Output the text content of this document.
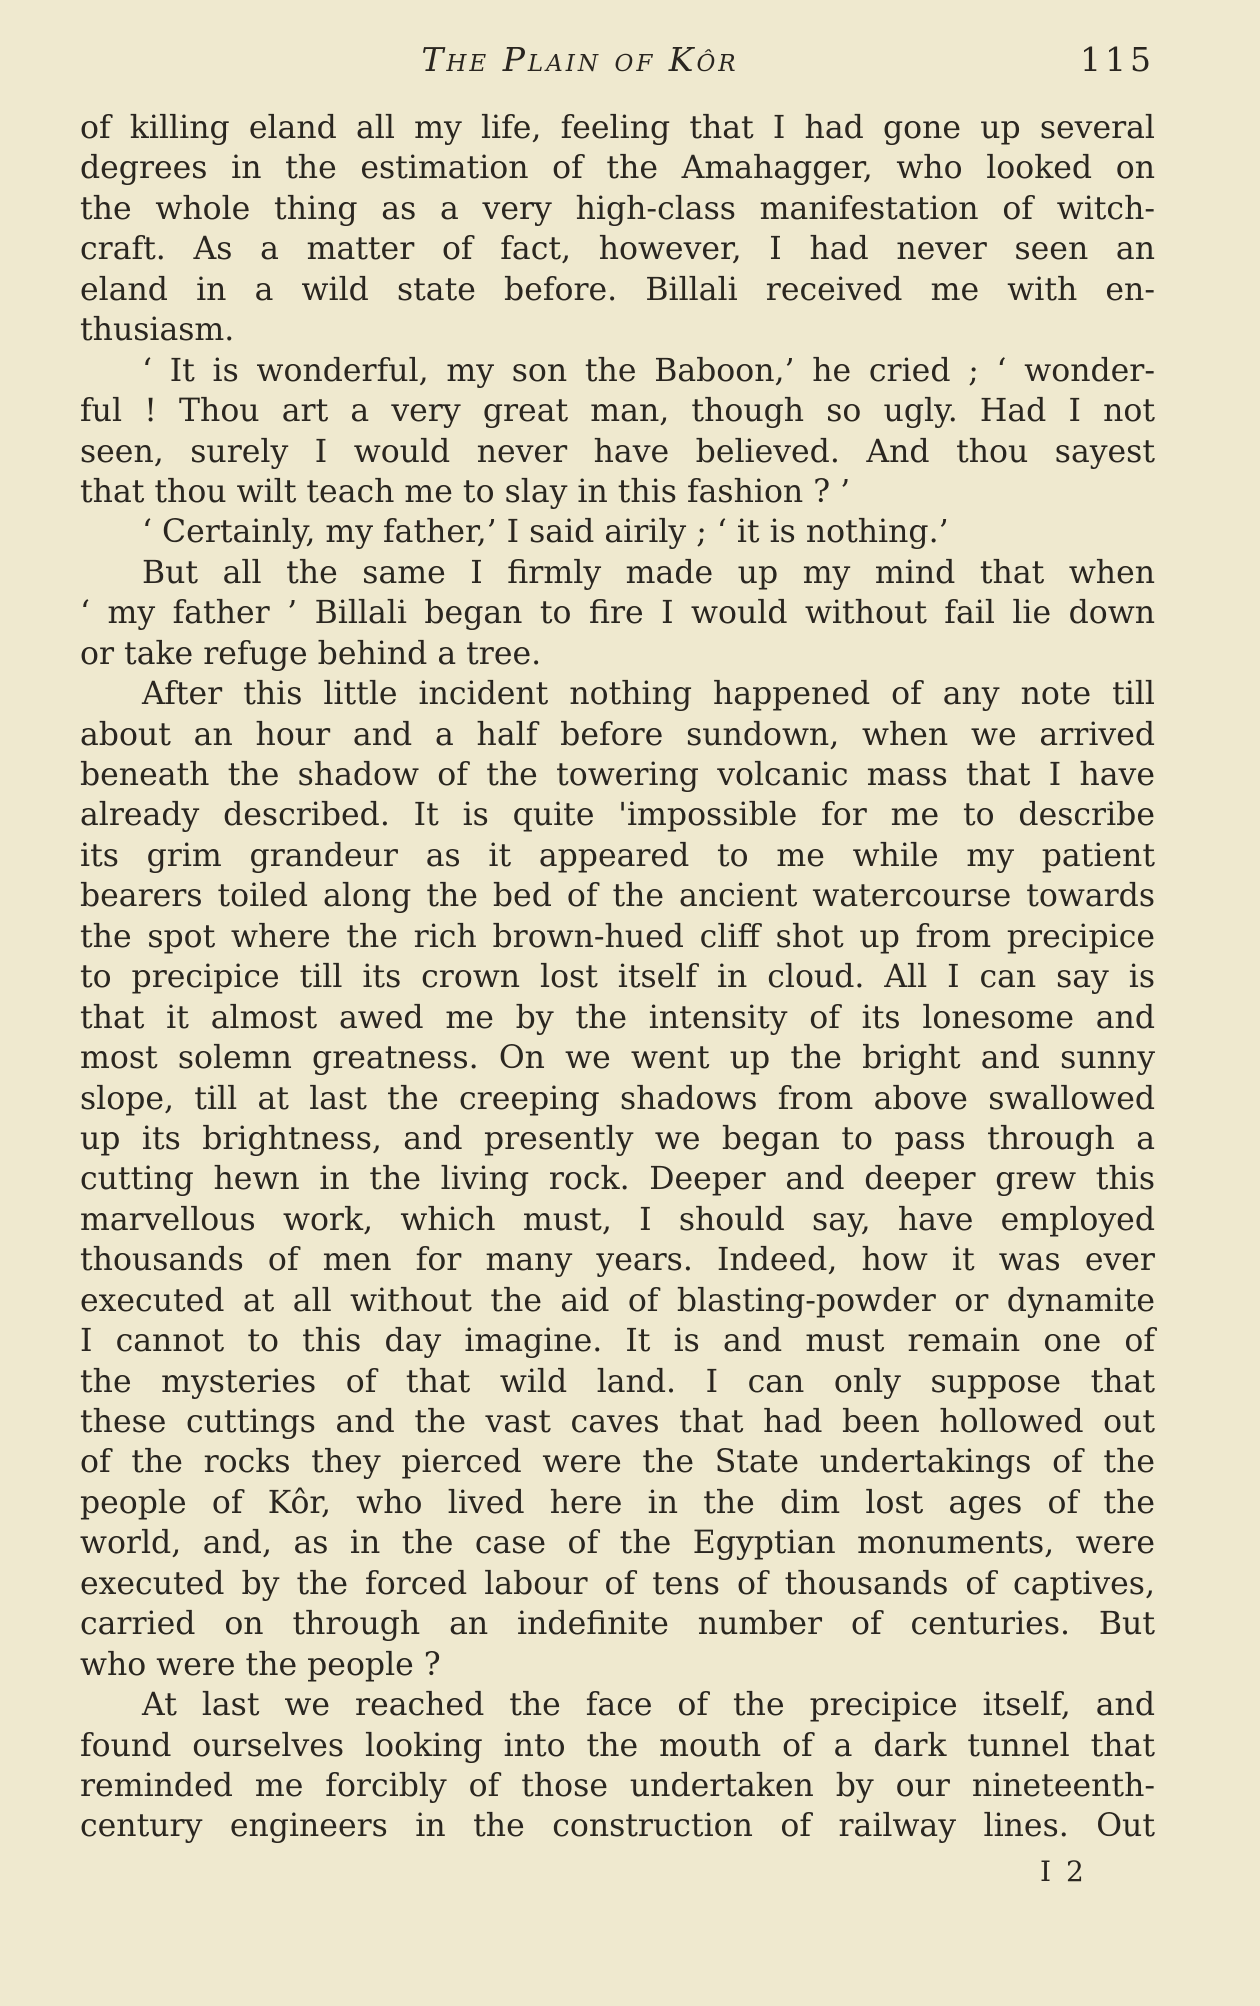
The Plain of Kôr	115
of killing eland all my life, feeling that I had gone up several
degrees in the estimation of the Amahagger, who looked on
the whole thing as a very high-class manifestation of witch-
craft. As a matter of fact, however, I had never seen an
eland in a wild state before. Billali received me with en-
thusiasm.
‘ It is wonderful, my son the Baboon,’ he cried ; ‘ wonder-
ful ! Thou art a very great man, though so ugly. Had I not
seen, surely I would never have believed. And thou sayest
that thou wilt teach me to slay in this fashion ? ’
‘ Certainly, my father,’ I said airily ; ‘ it is nothing.’
But all the same I firmly made up my mind that when
‘ my father ’ Billali began to fire I would without fail lie down
or take refuge behind a tree.
After this little incident nothing happened of any note till
about an hour and a half before sundown, when we arrived
beneath the shadow of the towering volcanic mass that I have
already described. It is quite 'impossible for me to describe
its grim grandeur as it appeared to me while my patient
bearers toiled along the bed of the ancient watercourse towards
the spot where the rich brown-hued cliff shot up from precipice
to precipice till its crown lost itself in cloud. All I can say is
that it almost awed me by the intensity of its lonesome and
most solemn greatness. On we went up the bright and sunny
slope, till at last the creeping shadows from above swallowed
up its brightness, and presently we began to pass through a
cutting hewn in the living rock. Deeper and deeper grew this
marvellous work, which must, I should say, have employed
thousands of men for many years. Indeed, how it was ever
executed at all without the aid of blasting-powder or dynamite
I cannot to this day imagine. It is and must remain one of
the mysteries of that wild land. I can only suppose that
these cuttings and the vast caves that had been hollowed out
of the rocks they pierced were the State undertakings of the
people of Kôr, who lived here in the dim lost ages of the
world, and, as in the case of the Egyptian monuments, were
executed by the forced labour of tens of thousands of captives,
carried on through an indefinite number of centuries. But
who were the people ?
At last we reached the face of the precipice itself, and
found ourselves looking into the mouth of a dark tunnel that
reminded me forcibly of those undertaken by our nineteenth-
century engineers in the construction of railway lines. Out
I 2
